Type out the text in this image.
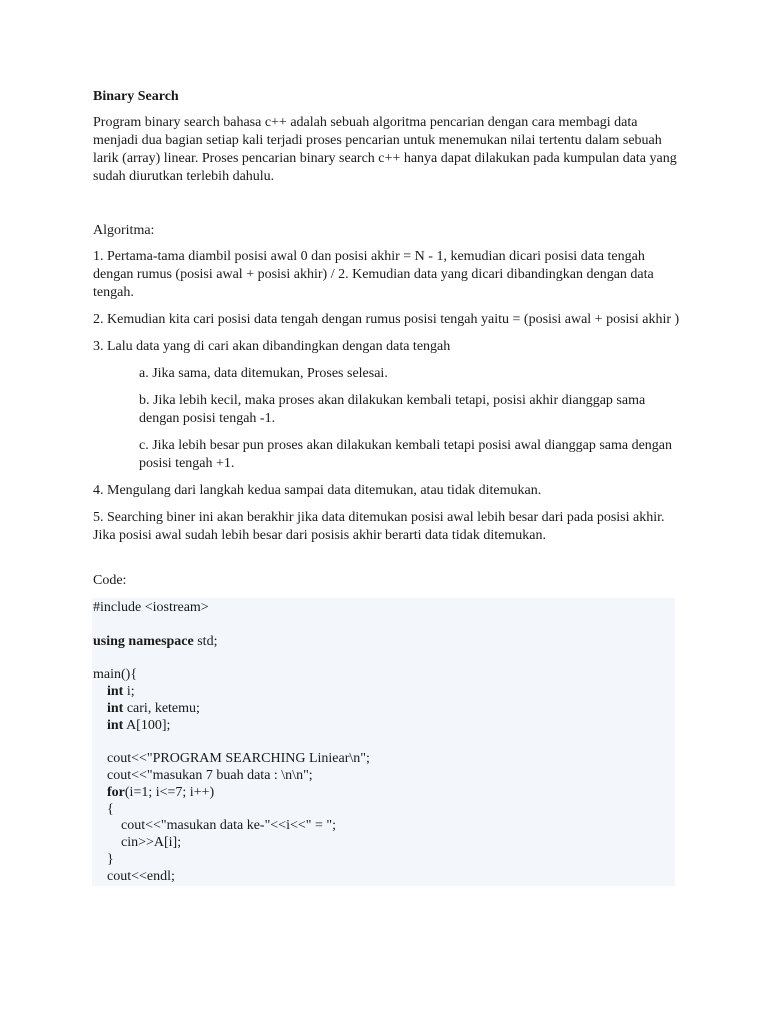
Binary Search

Program binary search bahasa c++ adalah sebuah algoritma pencarian dengan cara membagi data menjadi dua bagian setiap kali terjadi proses pencarian untuk menemukan nilai tertentu dalam sebuah larik (array) linear. Proses pencarian binary search c++ hanya dapat dilakukan pada kumpulan data yang sudah diurutkan terlebih dahulu.

Algoritma:

1. Pertama-tama diambil posisi awal 0 dan posisi akhir = N - 1, kemudian dicari posisi data tengah dengan rumus (posisi awal + posisi akhir) / 2. Kemudian data yang dicari dibandingkan dengan data tengah.

2. Kemudian kita cari posisi data tengah dengan rumus posisi tengah yaitu = (posisi awal + posisi akhir )

3. Lalu data yang di cari akan dibandingkan dengan data tengah

a. Jika sama, data ditemukan, Proses selesai.

b. Jika lebih kecil, maka proses akan dilakukan kembali tetapi, posisi akhir dianggap sama dengan posisi tengah -1.

c. Jika lebih besar pun proses akan dilakukan kembali tetapi posisi awal dianggap sama dengan posisi tengah +1.

4. Mengulang dari langkah kedua sampai data ditemukan, atau tidak ditemukan.

5. Searching biner ini akan berakhir jika data ditemukan posisi awal lebih besar dari pada posisi akhir. Jika posisi awal sudah lebih besar dari posisis akhir berarti data tidak ditemukan.

Code:

#include <iostream>
using namespace std;
main(){
int i;
int cari, ketemu;
int A[100];
cout<<"PROGRAM SEARCHING Liniear\n";
cout<<"masukan 7 buah data : \n\n";
for(i=1; i<=7; i++)
{
cout<<"masukan data ke-"<<i<<" = ";
cin>>A[i];
}
cout<<endl;
